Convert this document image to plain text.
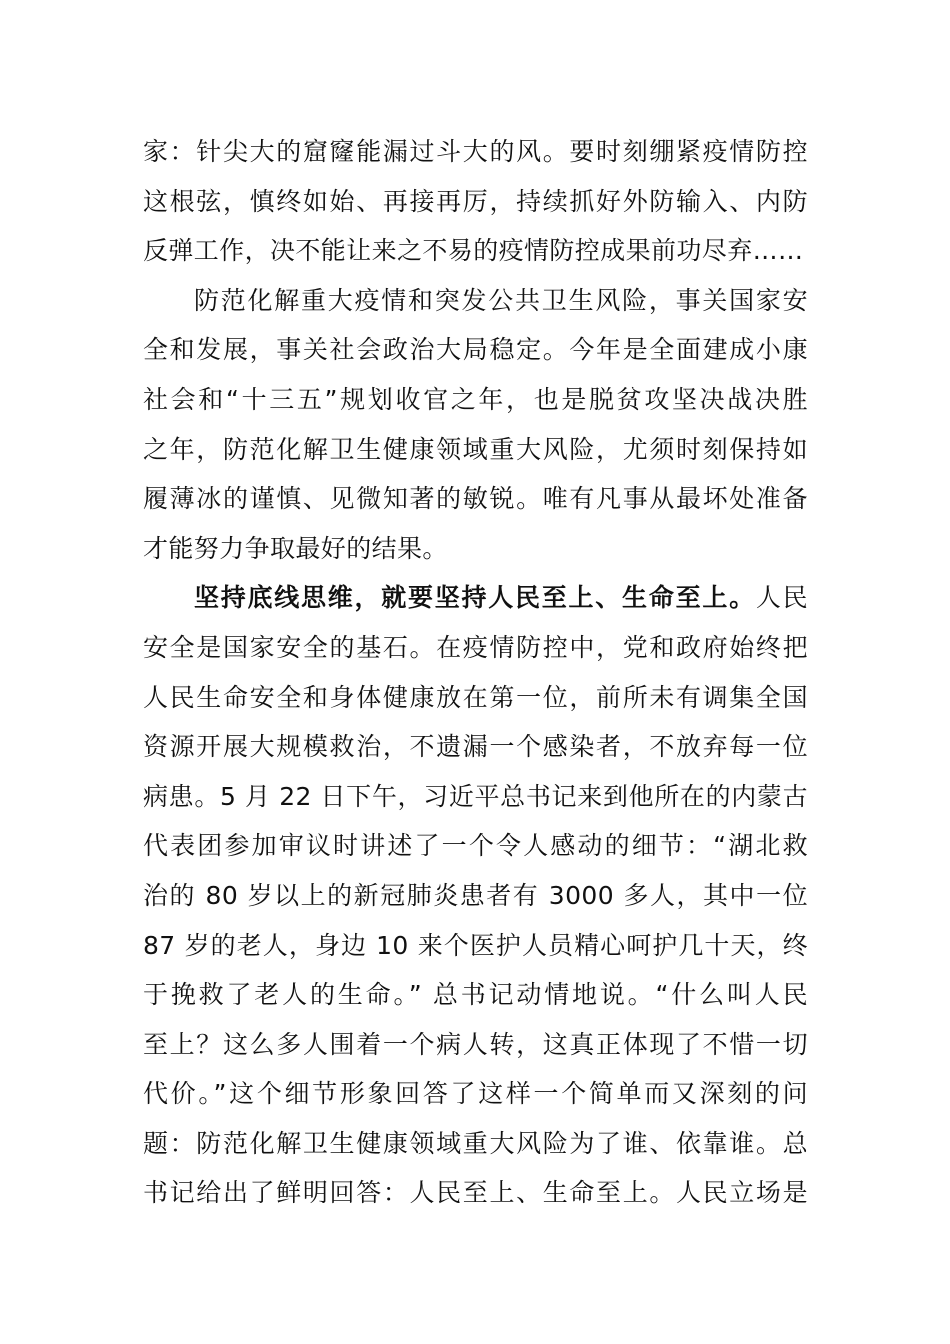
家：针尖大的窟窿能漏过斗大的风。要时刻绷紧疫情防控
这根弦，慎终如始、再接再厉，持续抓好外防输入、内防
反弹工作，决不能让来之不易的疫情防控成果前功尽弃……
防范化解重大疫情和突发公共卫生风险，事关国家安
全和发展，事关社会政治大局稳定。今年是全面建成小康
社会和“十三五”规划收官之年，也是脱贫攻坚决战决胜
之年，防范化解卫生健康领域重大风险，尤须时刻保持如
履薄冰的谨慎、见微知著的敏锐。唯有凡事从最坏处准备
才能努力争取最好的结果。
坚持底线思维，就要坚持人民至上、生命至上。人民
安全是国家安全的基石。在疫情防控中，党和政府始终把
人民生命安全和身体健康放在第一位，前所未有调集全国
资源开展大规模救治，不遗漏一个感染者，不放弃每一位
病患。5 月 22 日下午，习近平总书记来到他所在的内蒙古
代表团参加审议时讲述了一个令人感动的细节：“湖北救
治的 80 岁以上的新冠肺炎患者有 3000 多人，其中一位
87 岁的老人，身边 10 来个医护人员精心呵护几十天，终
于挽救了老人的生命。” 总书记动情地说。“什么叫人民
至上？这么多人围着一个病人转，这真正体现了不惜一切
代价。”这个细节形象回答了这样一个简单而又深刻的问
题：防范化解卫生健康领域重大风险为了谁、依靠谁。总
书记给出了鲜明回答：人民至上、生命至上。人民立场是
